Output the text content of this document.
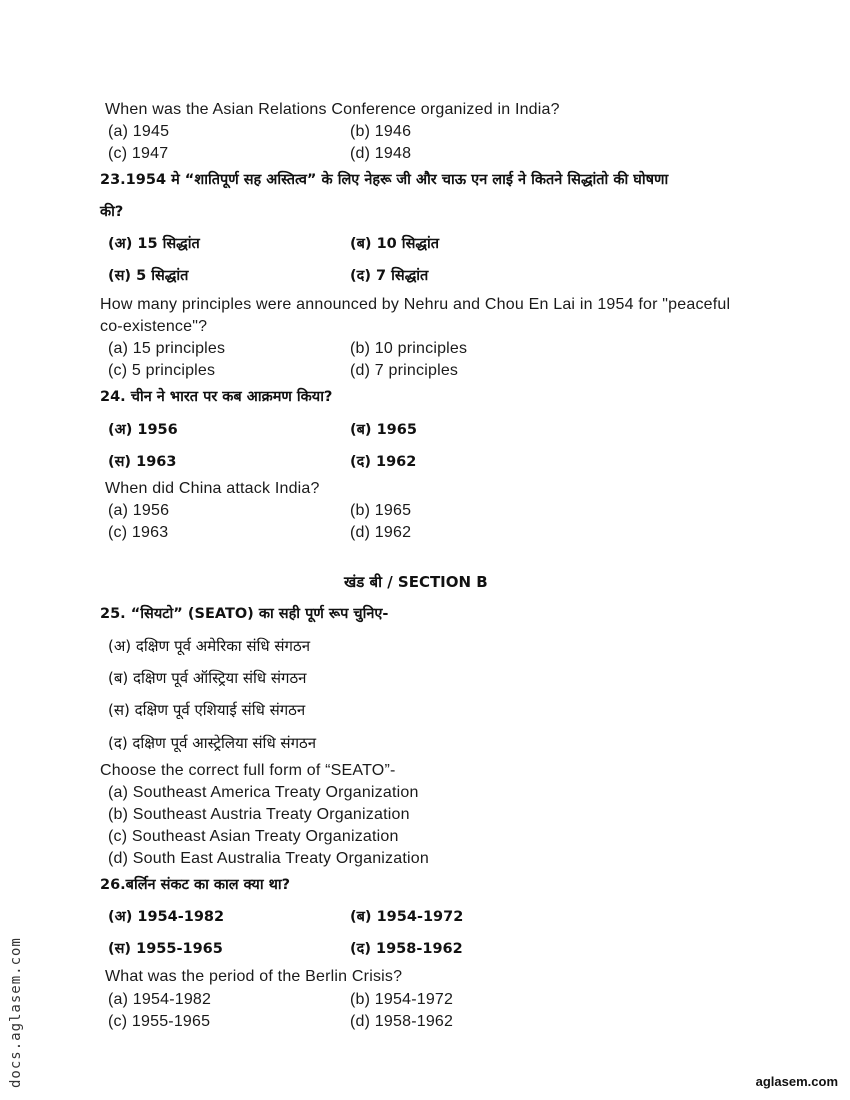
When was the Asian Relations Conference organized in India?
(a) 1945	(b) 1946
(c) 1947	(d) 1948
23.1954 मे “शातिपूर्ण सह अस्तित्व” के लिए नेहरू जी और चाऊ एन लाई ने कितने सिद्धांतो की घोषणा
की?
(अ) 15 सिद्धांत	(ब) 10 सिद्धांत
(स) 5 सिद्धांत	(द) 7 सिद्धांत
How many principles were announced by Nehru and Chou En Lai in 1954 for "peaceful
co-existence"?
(a) 15 principles	(b) 10 principles
(c) 5 principles	(d) 7 principles
24. चीन ने भारत पर कब आक्रमण किया?
(अ) 1956	(ब) 1965
(स) 1963	(द) 1962
When did China attack India?
(a) 1956	(b) 1965
(c) 1963	(d) 1962
खंड बी / SECTION B
25. “सियटो” (SEATO) का सही पूर्ण रूप चुनिए-
(अ) दक्षिण पूर्व अमेरिका संधि संगठन
(ब) दक्षिण पूर्व ऑस्ट्रिया संधि संगठन
(स) दक्षिण पूर्व एशियाई संधि संगठन
(द) दक्षिण पूर्व आस्ट्रेलिया संधि संगठन
Choose the correct full form of “SEATO”-
(a) Southeast America Treaty Organization
(b) Southeast Austria Treaty Organization
(c) Southeast Asian Treaty Organization
(d) South East Australia Treaty Organization
26.बर्लिन संकट का काल क्या था?
(अ) 1954-1982	(ब) 1954-1972
(स) 1955-1965	(द) 1958-1962
What was the period of the Berlin Crisis?
(a) 1954-1982	(b) 1954-1972
(c) 1955-1965	(d) 1958-1962
docs.aglasem.com	aglasem.com
